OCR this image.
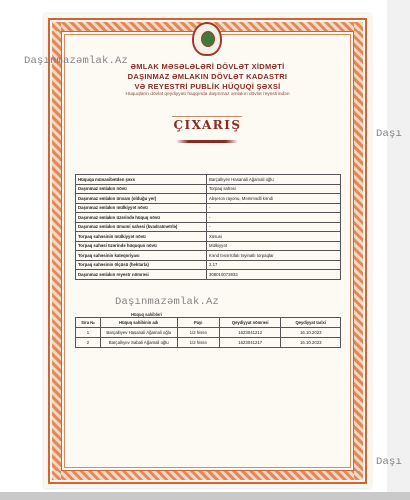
ƏMLAK MƏSƏLƏLƏRİ DÖVLƏT XİDMƏTİ
DAŞINMAZ ƏMLAKIN DÖVLƏT KADASTRI
VƏ REYESTRİ PUBLİK HÜQUQİ ŞƏXSİ
Hüquqların dövlət qeydiyyatı haqqında daşınmaz əmlakın dövlət reyestrindən
ÇIXARIŞ
Hüquqa münasibətdən şəxs	Barçallıyev Hasanali Ağamali oğlu
Daşınmaz əmlakın növü	Torpaq sahəsi
Daşınmaz əmlakın ünvanı (olduğu yer)	Abşeron rayonu, Məmmədli kəndi
Daşınmaz əmlakın mülkiyyət növü	-
Daşınmaz əmlakın üzərində hüquq növü	-
Daşınmaz əmlakın ümumi sahəsi (kvadratmetrlə)	-
Torpaq sahəsinin mülkiyyət növü	Xüsusi
Torpaq sahəsi üzərində hüququn növü	Mülkiyyət
Torpaq sahəsinin kateqoriyası	Kənd təsərrüfatı təyinatlı torpaqlar
Torpaq sahəsinin ölçüsü (hektarla)	2.17
Daşınmaz əmlakın reyestr nömrəsi	308010073933
Hüquq sahibləri
Sıra №	Hüquq sahibinin adı	Payı	Qeydiyyat nömrəsi	Qeydiyyat tarixi
1	Barçallıyev Hasanali Ağamali oğlu	1/2 hissə	1623041212	16.10.2023
2	Barçallıyev Sabali Ağamali oğlu	1/2 hissə	1623041217	16.10.2023
Daşınmazəmlak.Az
Daşınmazəmlak.Az
Daşı
Daşı
